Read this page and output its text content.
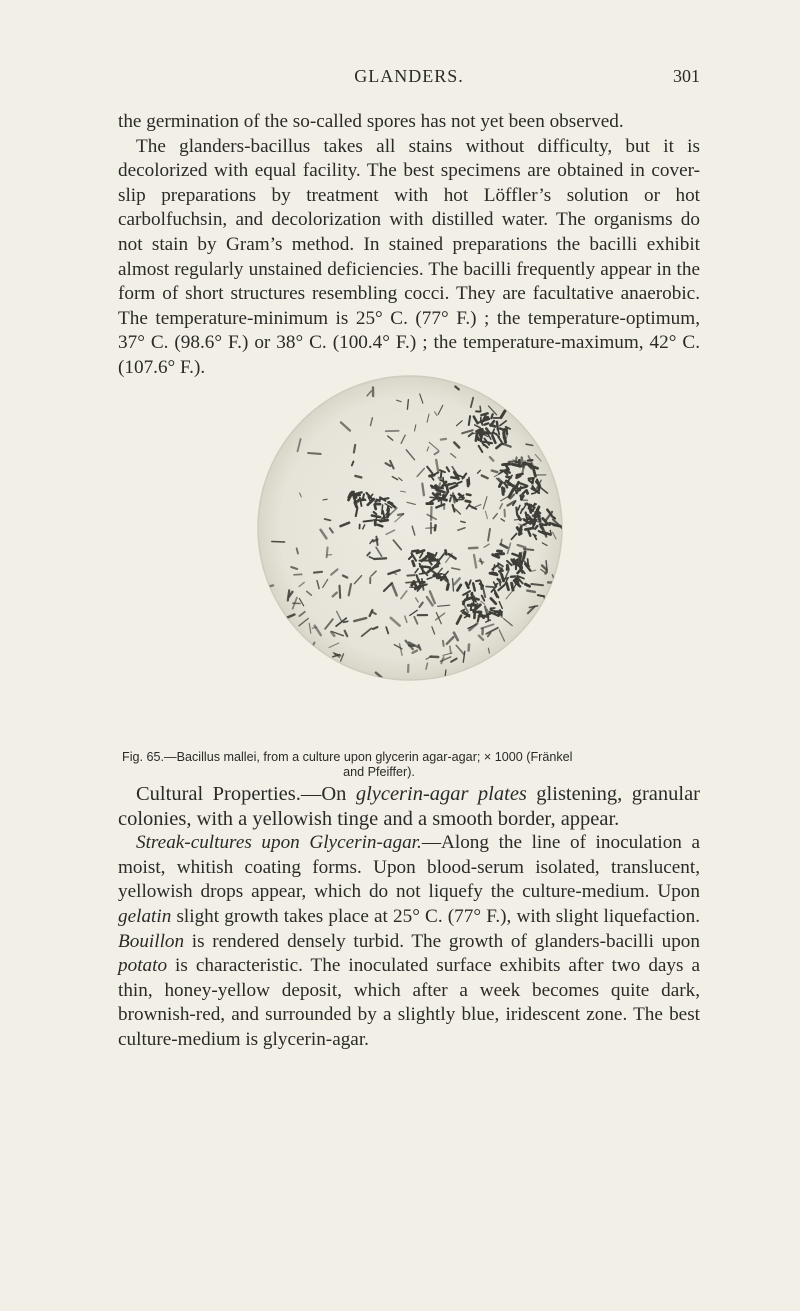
GLANDERS.	301

the germination of the so-called spores has not yet been observed.

The glanders-bacillus takes all stains without difficulty, but it is decolorized with equal facility. The best specimens are obtained in cover-slip preparations by treatment with hot Löffler’s solution or hot carbolfuchsin, and decolorization with distilled water. The organisms do not stain by Gram’s method. In stained preparations the bacilli exhibit almost regularly unstained deficiencies. The bacilli frequently appear in the form of short structures resembling cocci. They are facultative anaerobic. The temperature-minimum is 25° C. (77° F.) ; the temperature-optimum, 37° C. (98.6° F.) or 38° C. (100.4° F.) ; the temperature-maximum, 42° C. (107.6° F.).

Fig. 65.—Bacillus mallei, from a culture upon glycerin agar-agar; × 1000 (Fränkel
and Pfeiffer).

Cultural Properties.—On glycerin-agar plates glistening, granular colonies, with a yellowish tinge and a smooth border, appear.

Streak-cultures upon Glycerin-agar.—Along the line of inoculation a moist, whitish coating forms. Upon blood-serum isolated, translucent, yellowish drops appear, which do not liquefy the culture-medium. Upon gelatin slight growth takes place at 25° C. (77° F.), with slight liquefaction. Bouillon is rendered densely turbid. The growth of glanders-bacilli upon potato is characteristic. The inoculated surface exhibits after two days a thin, honey-yellow deposit, which after a week becomes quite dark, brownish-red, and surrounded by a slightly blue, iridescent zone. The best culture-medium is glycerin-agar.
